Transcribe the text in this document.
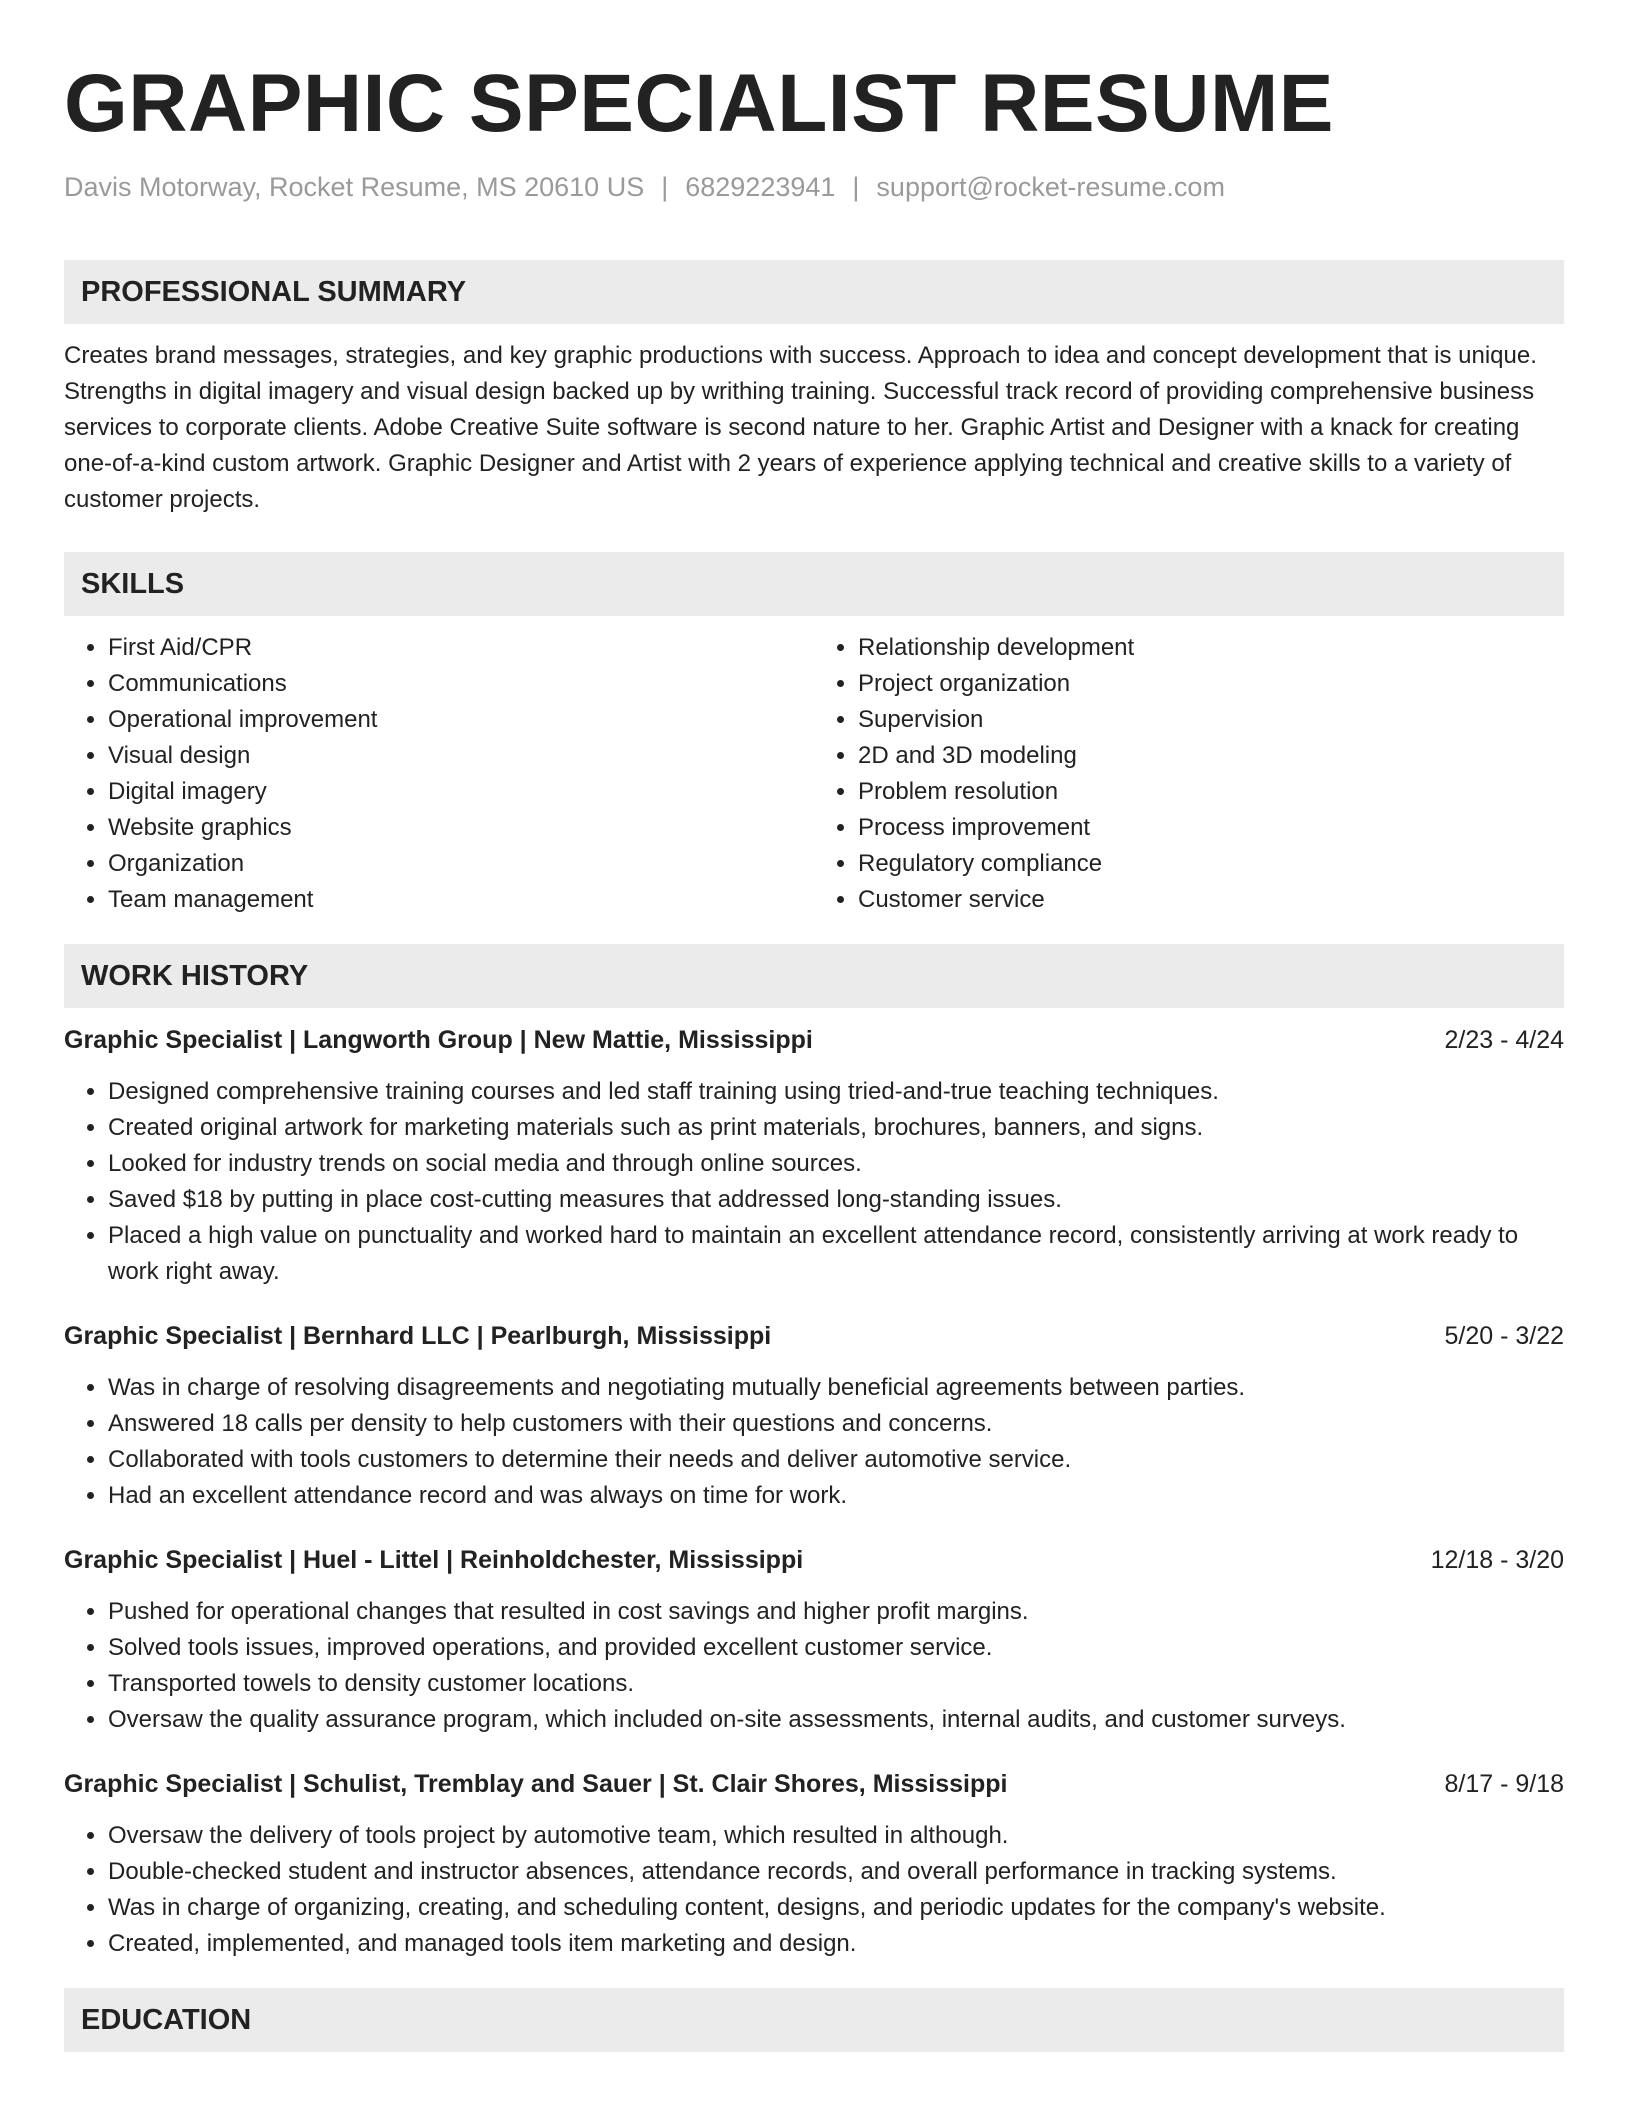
GRAPHIC SPECIALIST RESUME
Davis Motorway, Rocket Resume, MS 20610 US | 6829223941 | support@rocket-resume.com
PROFESSIONAL SUMMARY

Creates brand messages, strategies, and key graphic productions with success. Approach to idea and concept development that is unique. Strengths in digital imagery and visual design backed up by writhing training. Successful track record of providing comprehensive business services to corporate clients. Adobe Creative Suite software is second nature to her. Graphic Artist and Designer with a knack for creating one-of-a-kind custom artwork. Graphic Designer and Artist with 2 years of experience applying technical and creative skills to a variety of customer projects.

SKILLS
• First Aid/CPR
• Communications
• Operational improvement
• Visual design
• Digital imagery
• Website graphics
• Organization
• Team management
• Relationship development
• Project organization
• Supervision
• 2D and 3D modeling
• Problem resolution
• Process improvement
• Regulatory compliance
• Customer service
WORK HISTORY
Graphic Specialist | Langworth Group | New Mattie, Mississippi	2/23 - 4/24
• Designed comprehensive training courses and led staff training using tried-and-true teaching techniques.
• Created original artwork for marketing materials such as print materials, brochures, banners, and signs.
• Looked for industry trends on social media and through online sources.
• Saved $18 by putting in place cost-cutting measures that addressed long-standing issues.
• Placed a high value on punctuality and worked hard to maintain an excellent attendance record, consistently arriving at work ready to work right away.
Graphic Specialist | Bernhard LLC | Pearlburgh, Mississippi	5/20 - 3/22
• Was in charge of resolving disagreements and negotiating mutually beneficial agreements between parties.
• Answered 18 calls per density to help customers with their questions and concerns.
• Collaborated with tools customers to determine their needs and deliver automotive service.
• Had an excellent attendance record and was always on time for work.
Graphic Specialist | Huel - Littel | Reinholdchester, Mississippi	12/18 - 3/20
• Pushed for operational changes that resulted in cost savings and higher profit margins.
• Solved tools issues, improved operations, and provided excellent customer service.
• Transported towels to density customer locations.
• Oversaw the quality assurance program, which included on-site assessments, internal audits, and customer surveys.
Graphic Specialist | Schulist, Tremblay and Sauer | St. Clair Shores, Mississippi	8/17 - 9/18
• Oversaw the delivery of tools project by automotive team, which resulted in although.
• Double-checked student and instructor absences, attendance records, and overall performance in tracking systems.
• Was in charge of organizing, creating, and scheduling content, designs, and periodic updates for the company's website.
• Created, implemented, and managed tools item marketing and design.
EDUCATION
